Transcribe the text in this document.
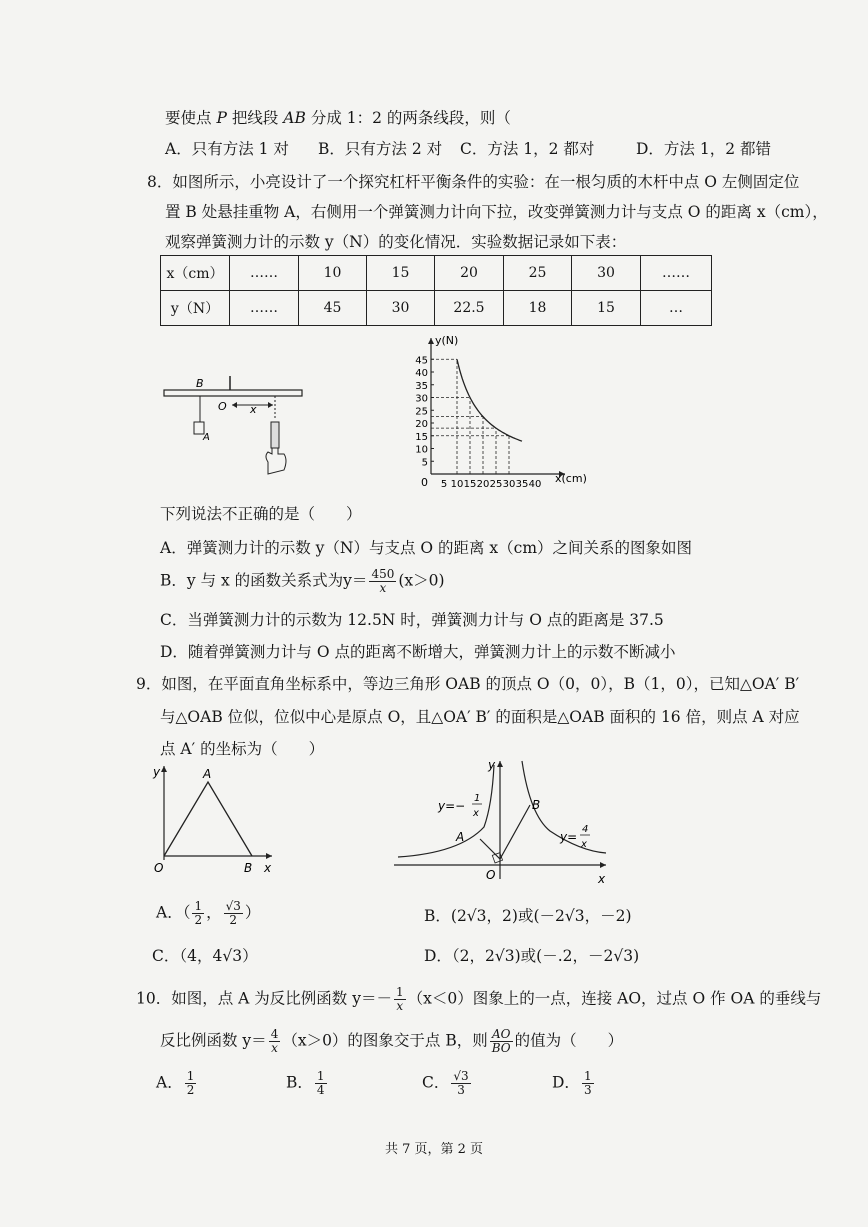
要使点 P 把线段 AB 分成 1：2 的两条线段，则（
A．只有方法 1 对 B．只有方法 2 对 C．方法 1，2 都对	D．方法 1，2 都错
8．如图所示，小亮设计了一个探究杠杆平衡条件的实验：在一根匀质的木杆中点 O 左侧固定位
置 B 处悬挂重物 A，右侧用一个弹簧测力计向下拉，改变弹簧测力计与支点 O 的距离 x（cm），
观察弹簧测力计的示数 y（N）的变化情况．实验数据记录如下表：
x（cm）	……	10	15	20	25	30	……
y（N）	……	45	30	22.5	18	15	…
B
O x
A
y(N)
x(cm)
0
45
40
35
30
25
20
15
10
5
5 10 15 20 25 30 35 40
下列说法不正确的是（　　）
A．弹簧测力计的示数 y（N）与支点 O 的距离 x（cm）之间关系的图象如图
B．y 与 x 的函数关系式为$y= \frac{450}{x} (x>0)$
C．当弹簧测力计的示数为 12.5N 时，弹簧测力计与 O 点的距离是 37.5
D．随着弹簧测力计与 O 点的距离不断增大，弹簧测力计上的示数不断减小
9．如图，在平面直角坐标系中，等边三角形 OAB 的顶点 O（0，0），B（1，0），已知△OA′ B′
与△OAB 位似，位似中心是原点 O，且△OA′ B′ 的面积是△OAB 面积的 16 倍，则点 A 对应
点 A′ 的坐标为（　　）
y	A
O	B x
y
x
O
A
B
y=−
1
x
y=
4
x
A．（ $\frac{1}{2}$ ， $\frac{√3}{2}$ ）	B．(2√3，2)或(－2√3，－2)
C．（4，4√3）	D．（2，2√3)或(－.2，－2√3)
10．如图，点 A 为反比例函数 $y=- \frac{1}{x} (x<0)$图象上的一点，连接 AO，过点 O 作 OA 的垂线与
反比例函数 $y= \frac{4}{x} (x>0)$的图象交于点 B，则 $\frac{AO}{BO}$ 的值为（　　）
A． $\frac{1}{2}$	B． $\frac{1}{4}$	C． $\frac{√3}{3}$	D． $\frac{1}{3}$
共 7 页，第 2 页
